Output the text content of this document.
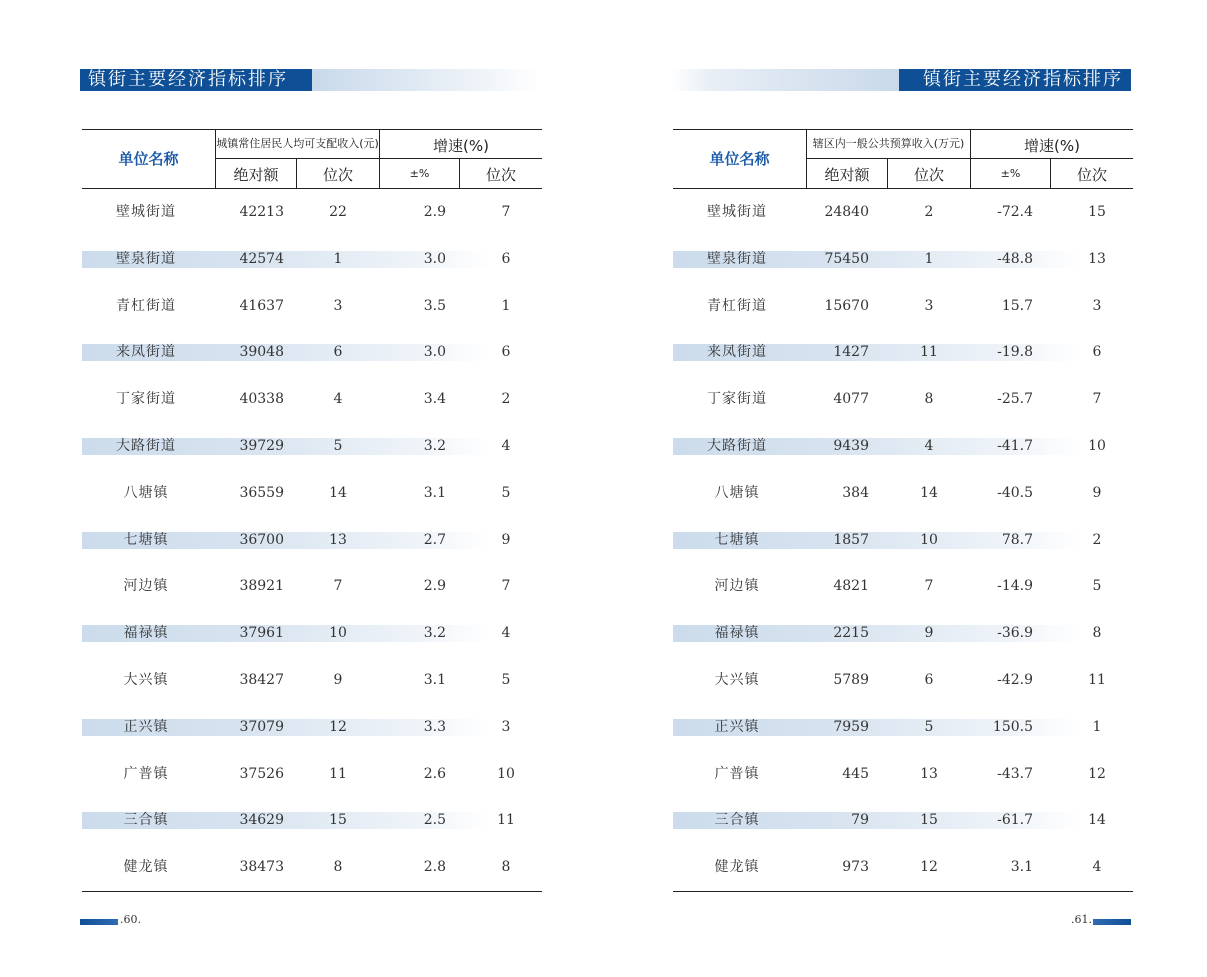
镇街主要经济指标排序
单位名称
城镇常住居民人均可支配收入(元)	增速(%)
绝对额	位次	±%	位次
壁城街道	42213	22	2.9	7
壁泉街道	42574	1	3.0	6
青杠街道	41637	3	3.5	1
来凤街道	39048	6	3.0	6
丁家街道	40338	4	3.4	2
大路街道	39729	5	3.2	4
八塘镇	36559	14	3.1	5
七塘镇	36700	13	2.7	9
河边镇	38921	7	2.9	7
福禄镇	37961	10	3.2	4
大兴镇	38427	9	3.1	5
正兴镇	37079	12	3.3	3
广普镇	37526	11	2.6	10
三合镇	34629	15	2.5	11
健龙镇	38473	8	2.8	8
.60.
镇街主要经济指标排序
单位名称
辖区内一般公共预算收入(万元)	增速(%)
绝对额	位次	±%	位次
壁城街道	24840	2	-72.4	15
壁泉街道	75450	1	-48.8	13
青杠街道	15670	3	15.7	3
来凤街道	1427	11	-19.8	6
丁家街道	4077	8	-25.7	7
大路街道	9439	4	-41.7	10
八塘镇	384	14	-40.5	9
七塘镇	1857	10	78.7	2
河边镇	4821	7	-14.9	5
福禄镇	2215	9	-36.9	8
大兴镇	5789	6	-42.9	11
正兴镇	7959	5	150.5	1
广普镇	445	13	-43.7	12
三合镇	79	15	-61.7	14
健龙镇	973	12	3.1	4
.61.
